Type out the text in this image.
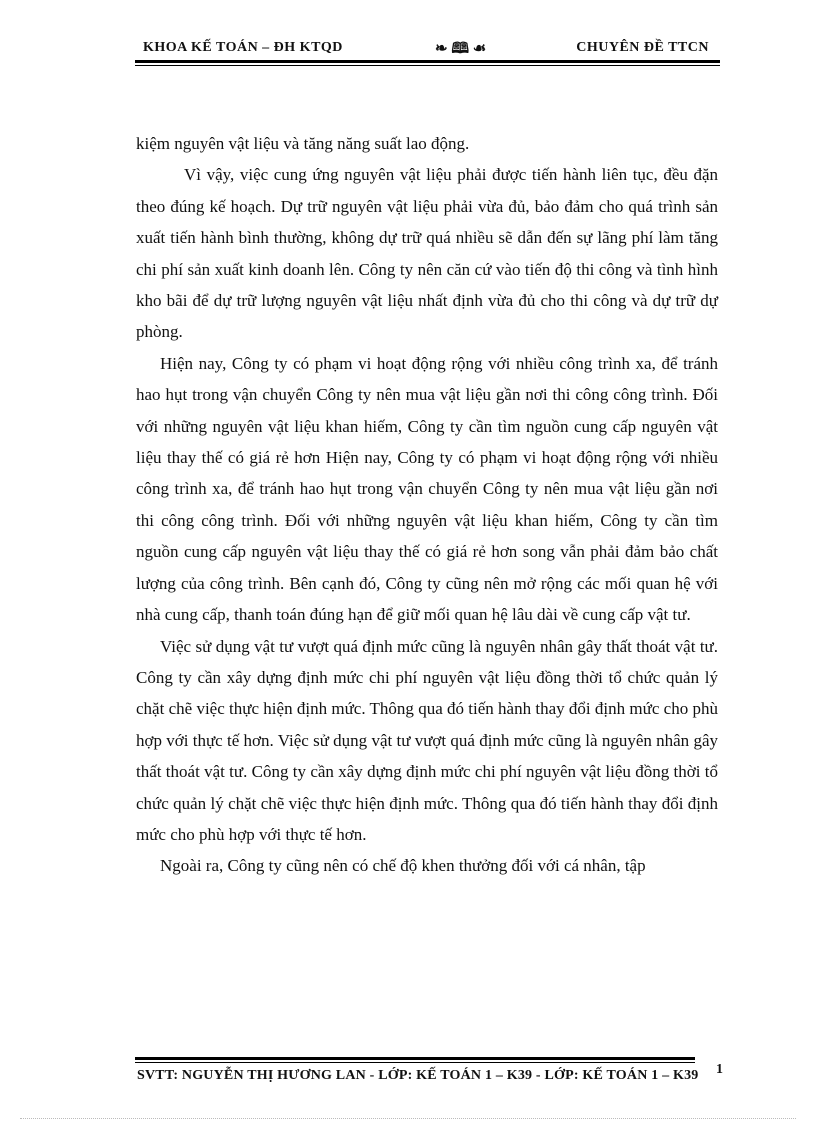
KHOA KẾ TOÁN – ĐH KTQD	❧ 🕮 ☙	CHUYÊN ĐỀ TTCN

kiệm nguyên vật liệu và tăng năng suất lao động.

Vì vậy, việc cung ứng nguyên vật liệu phải được tiến hành liên tục, đều đặn theo đúng kế hoạch. Dự trữ nguyên vật liệu phải vừa đủ, bảo đảm cho quá trình sản xuất tiến hành bình thường, không dự trữ quá nhiều sẽ dẫn đến sự lãng phí làm tăng chi phí sản xuất kinh doanh lên. Công ty nên căn cứ vào tiến độ thi công và tình hình kho bãi để dự trữ lượng nguyên vật liệu nhất định vừa đủ cho thi công và dự trữ dự phòng.

Hiện nay, Công ty có phạm vi hoạt động rộng với nhiều công trình xa, để tránh hao hụt trong vận chuyển Công ty nên mua vật liệu gần nơi thi công công trình. Đối với những nguyên vật liệu khan hiếm, Công ty cần tìm nguồn cung cấp nguyên vật liệu thay thế có giá rẻ hơn Hiện nay, Công ty có phạm vi hoạt động rộng với nhiều công trình xa, để tránh hao hụt trong vận chuyển Công ty nên mua vật liệu gần nơi thi công công trình. Đối với những nguyên vật liệu khan hiếm, Công ty cần tìm nguồn cung cấp nguyên vật liệu thay thế có giá rẻ hơn song vẫn phải đảm bảo chất lượng của công trình. Bên cạnh đó, Công ty cũng nên mở rộng các mối quan hệ với nhà cung cấp, thanh toán đúng hạn để giữ mối quan hệ lâu dài về cung cấp vật tư.

Việc sử dụng vật tư vượt quá định mức cũng là nguyên nhân gây thất thoát vật tư. Công ty cần xây dựng định mức chi phí nguyên vật liệu đồng thời tổ chức quản lý chặt chẽ việc thực hiện định mức. Thông qua đó tiến hành thay đổi định mức cho phù hợp với thực tế hơn. Việc sử dụng vật tư vượt quá định mức cũng là nguyên nhân gây thất thoát vật tư. Công ty cần xây dựng định mức chi phí nguyên vật liệu đồng thời tổ chức quản lý chặt chẽ việc thực hiện định mức. Thông qua đó tiến hành thay đổi định mức cho phù hợp với thực tế hơn.

Ngoài ra, Công ty cũng nên có chế độ khen thưởng đối với cá nhân, tập

SVTT: NGUYỄN THỊ HƯƠNG LAN - LỚP: KẾ TOÁN 1 – K39 - LỚP: KẾ TOÁN 1 – K39	1
